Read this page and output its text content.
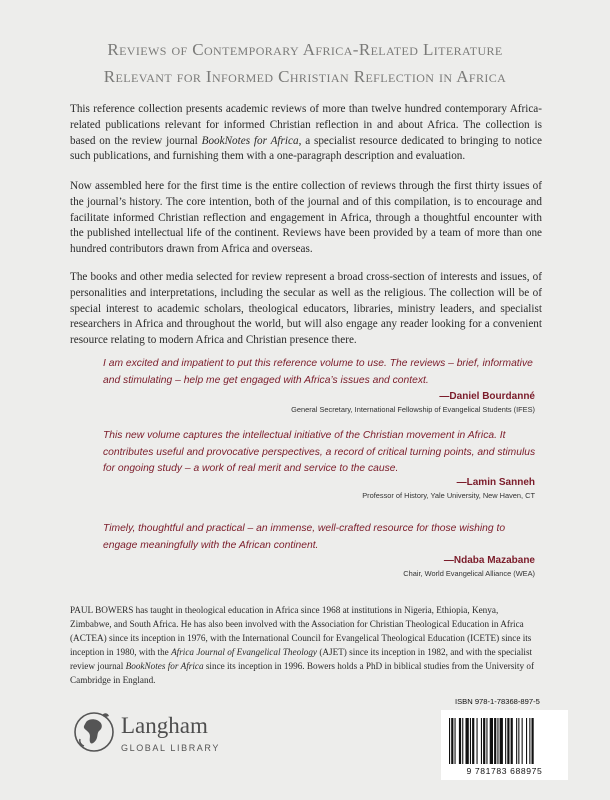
Reviews of Contemporary Africa-Related Literature
Relevant for Informed Christian Reflection in Africa
This reference collection presents academic reviews of more than twelve hundred contemporary Africa-related publications relevant for informed Christian reflection in and about Africa. The collection is based on the review journal BookNotes for Africa, a specialist resource dedicated to bringing to notice such publications, and furnishing them with a one-paragraph description and evaluation.
Now assembled here for the first time is the entire collection of reviews through the first thirty issues of the journal’s history. The core intention, both of the journal and of this compilation, is to encourage and facilitate informed Christian reflection and engagement in Africa, through a thoughtful encounter with the published intellectual life of the continent. Reviews have been provided by a team of more than one hundred contributors drawn from Africa and overseas.
The books and other media selected for review represent a broad cross-section of interests and issues, of personalities and interpretations, including the secular as well as the religious. The collection will be of special interest to academic scholars, theological educators, libraries, ministry leaders, and specialist researchers in Africa and throughout the world, but will also engage any reader looking for a convenient resource relating to modern Africa and Christian presence there.
I am excited and impatient to put this reference volume to use. The reviews – brief, informative and stimulating – help me get engaged with Africa’s issues and context.
—Daniel Bourdanné
General Secretary, International Fellowship of Evangelical Students (IFES)
This new volume captures the intellectual initiative of the Christian movement in Africa. It contributes useful and provocative perspectives, a record of critical turning points, and stimulus for ongoing study – a work of real merit and service to the cause.
—Lamin Sanneh
Professor of History, Yale University, New Haven, CT
Timely, thoughtful and practical – an immense, well-crafted resource for those wishing to engage meaningfully with the African continent.
—Ndaba Mazabane
Chair, World Evangelical Alliance (WEA)
PAUL BOWERS has taught in theological education in Africa since 1968 at institutions in Nigeria, Ethiopia, Kenya, Zimbabwe, and South Africa. He has also been involved with the Association for Christian Theological Education in Africa (ACTEA) since its inception in 1976, with the International Council for Evangelical Theological Education (ICETE) since its inception in 1980, with the Africa Journal of Evangelical Theology (AJET) since its inception in 1982, and with the specialist review journal BookNotes for Africa since its inception in 1996. Bowers holds a PhD in biblical studies from the University of Cambridge in England.
Langham
GLOBAL LIBRARY
ISBN 978-1-78368-897-5
9 781783 688975
